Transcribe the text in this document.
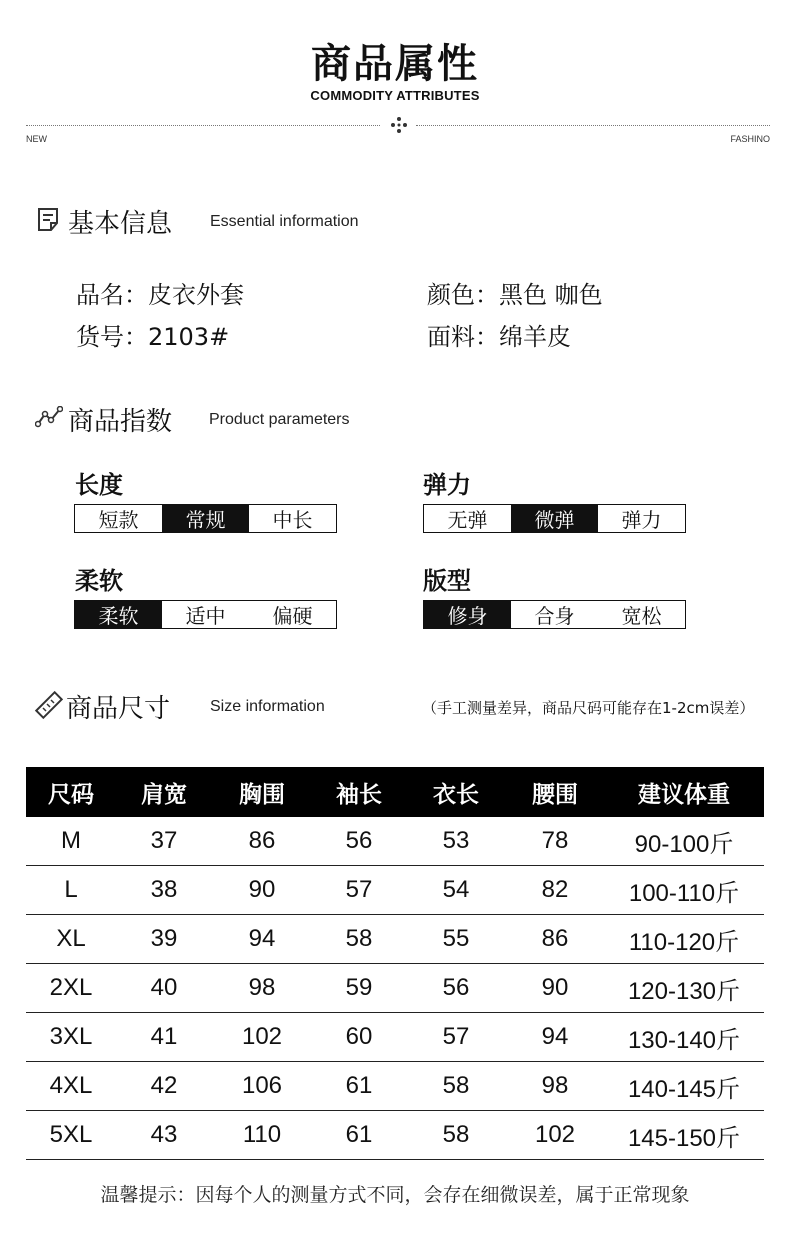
商品属性
COMMODITY ATTRIBUTES
NEW	FASHINO
基本信息 Essential information
品名：皮衣外套	颜色：黑色 咖色
货号：2103#	面料：绵羊皮
商品指数 Product parameters
长度
短款	常规	中长
弹力
无弹	微弹	弹力
柔软
柔软	适中	偏硬
版型
修身	合身	宽松
商品尺寸 Size information	（手工测量差异，商品尺码可能存在1-2cm误差）
尺码	肩宽	胸围	袖长	衣长	腰围	建议体重
M	37	86	56	53	78	90-100斤
L	38	90	57	54	82	100-110斤
XL	39	94	58	55	86	110-120斤
2XL	40	98	59	56	90	120-130斤
3XL	41	102	60	57	94	130-140斤
4XL	42	106	61	58	98	140-145斤
5XL	43	110	61	58	102	145-150斤
温馨提示：因每个人的测量方式不同，会存在细微误差，属于正常现象
